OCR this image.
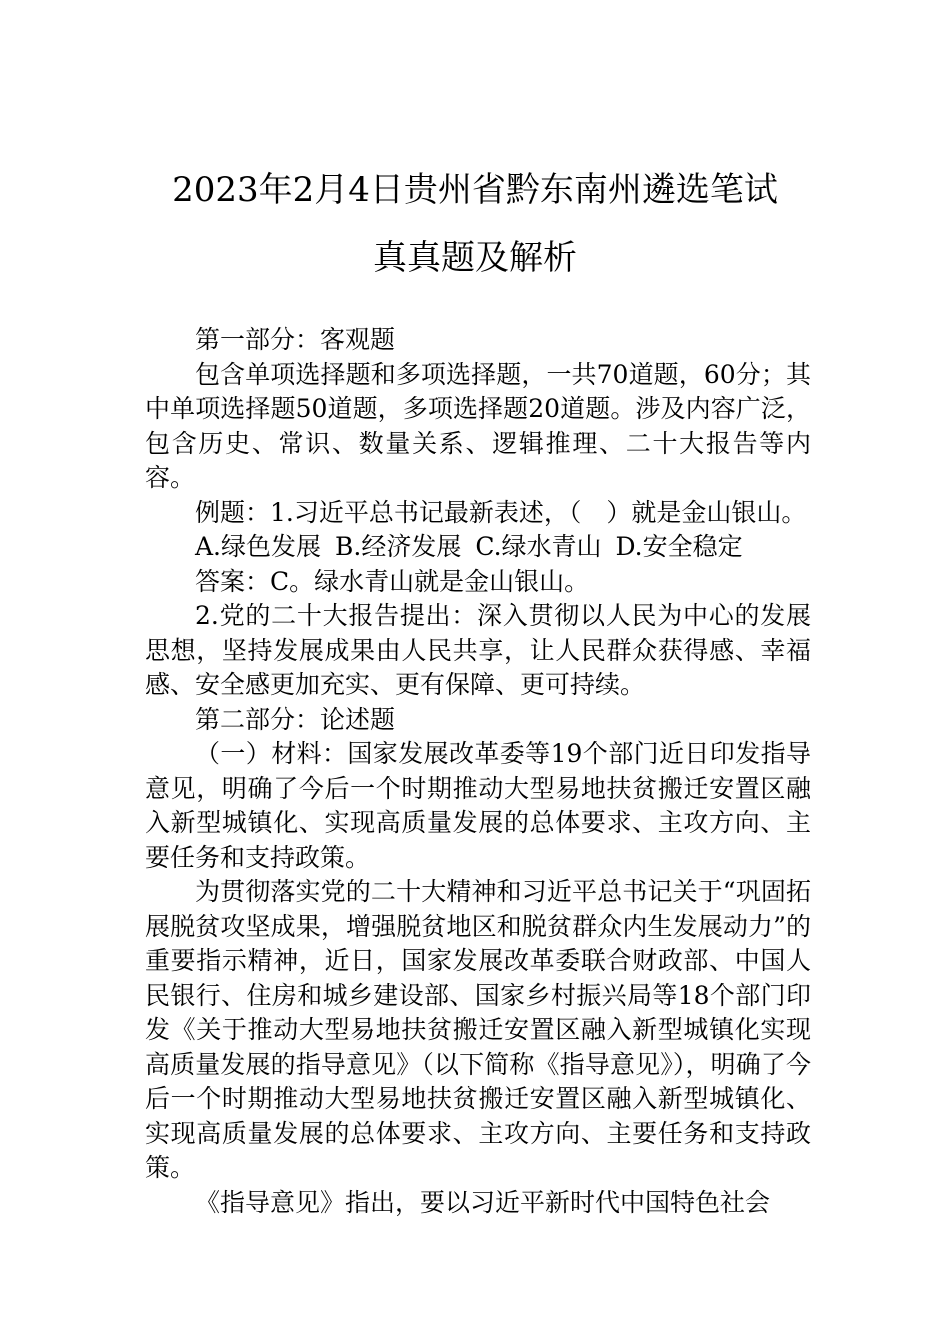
2023年2月4日贵州省黔东南州遴选笔试
真真题及解析

第一部分：客观题

包含单项选择题和多项选择题，一共70道题，60分；其中单项选择题50道题，多项选择题20道题。涉及内容广泛，包含历史、常识、数量关系、逻辑推理、二十大报告等内容。

例题：1.习近平总书记最新表述，（　）就是金山银山。

A.绿色发展 B.经济发展 C.绿水青山 D.安全稳定

答案：C。绿水青山就是金山银山。

2.党的二十大报告提出：深入贯彻以人民为中心的发展思想，坚持发展成果由人民共享，让人民群众获得感、幸福感、安全感更加充实、更有保障、更可持续。

第二部分：论述题

（一）材料：国家发展改革委等19个部门近日印发指导意见，明确了今后一个时期推动大型易地扶贫搬迁安置区融入新型城镇化、实现高质量发展的总体要求、主攻方向、主要任务和支持政策。

为贯彻落实党的二十大精神和习近平总书记关于“巩固拓展脱贫攻坚成果，增强脱贫地区和脱贫群众内生发展动力”的重要指示精神，近日，国家发展改革委联合财政部、中国人民银行、住房和城乡建设部、国家乡村振兴局等18个部门印发《关于推动大型易地扶贫搬迁安置区融入新型城镇化实现高质量发展的指导意见》（以下简称《指导意见》），明确了今后一个时期推动大型易地扶贫搬迁安置区融入新型城镇化、实现高质量发展的总体要求、主攻方向、主要任务和支持政策。

《指导意见》指出，要以习近平新时代中国特色社会
